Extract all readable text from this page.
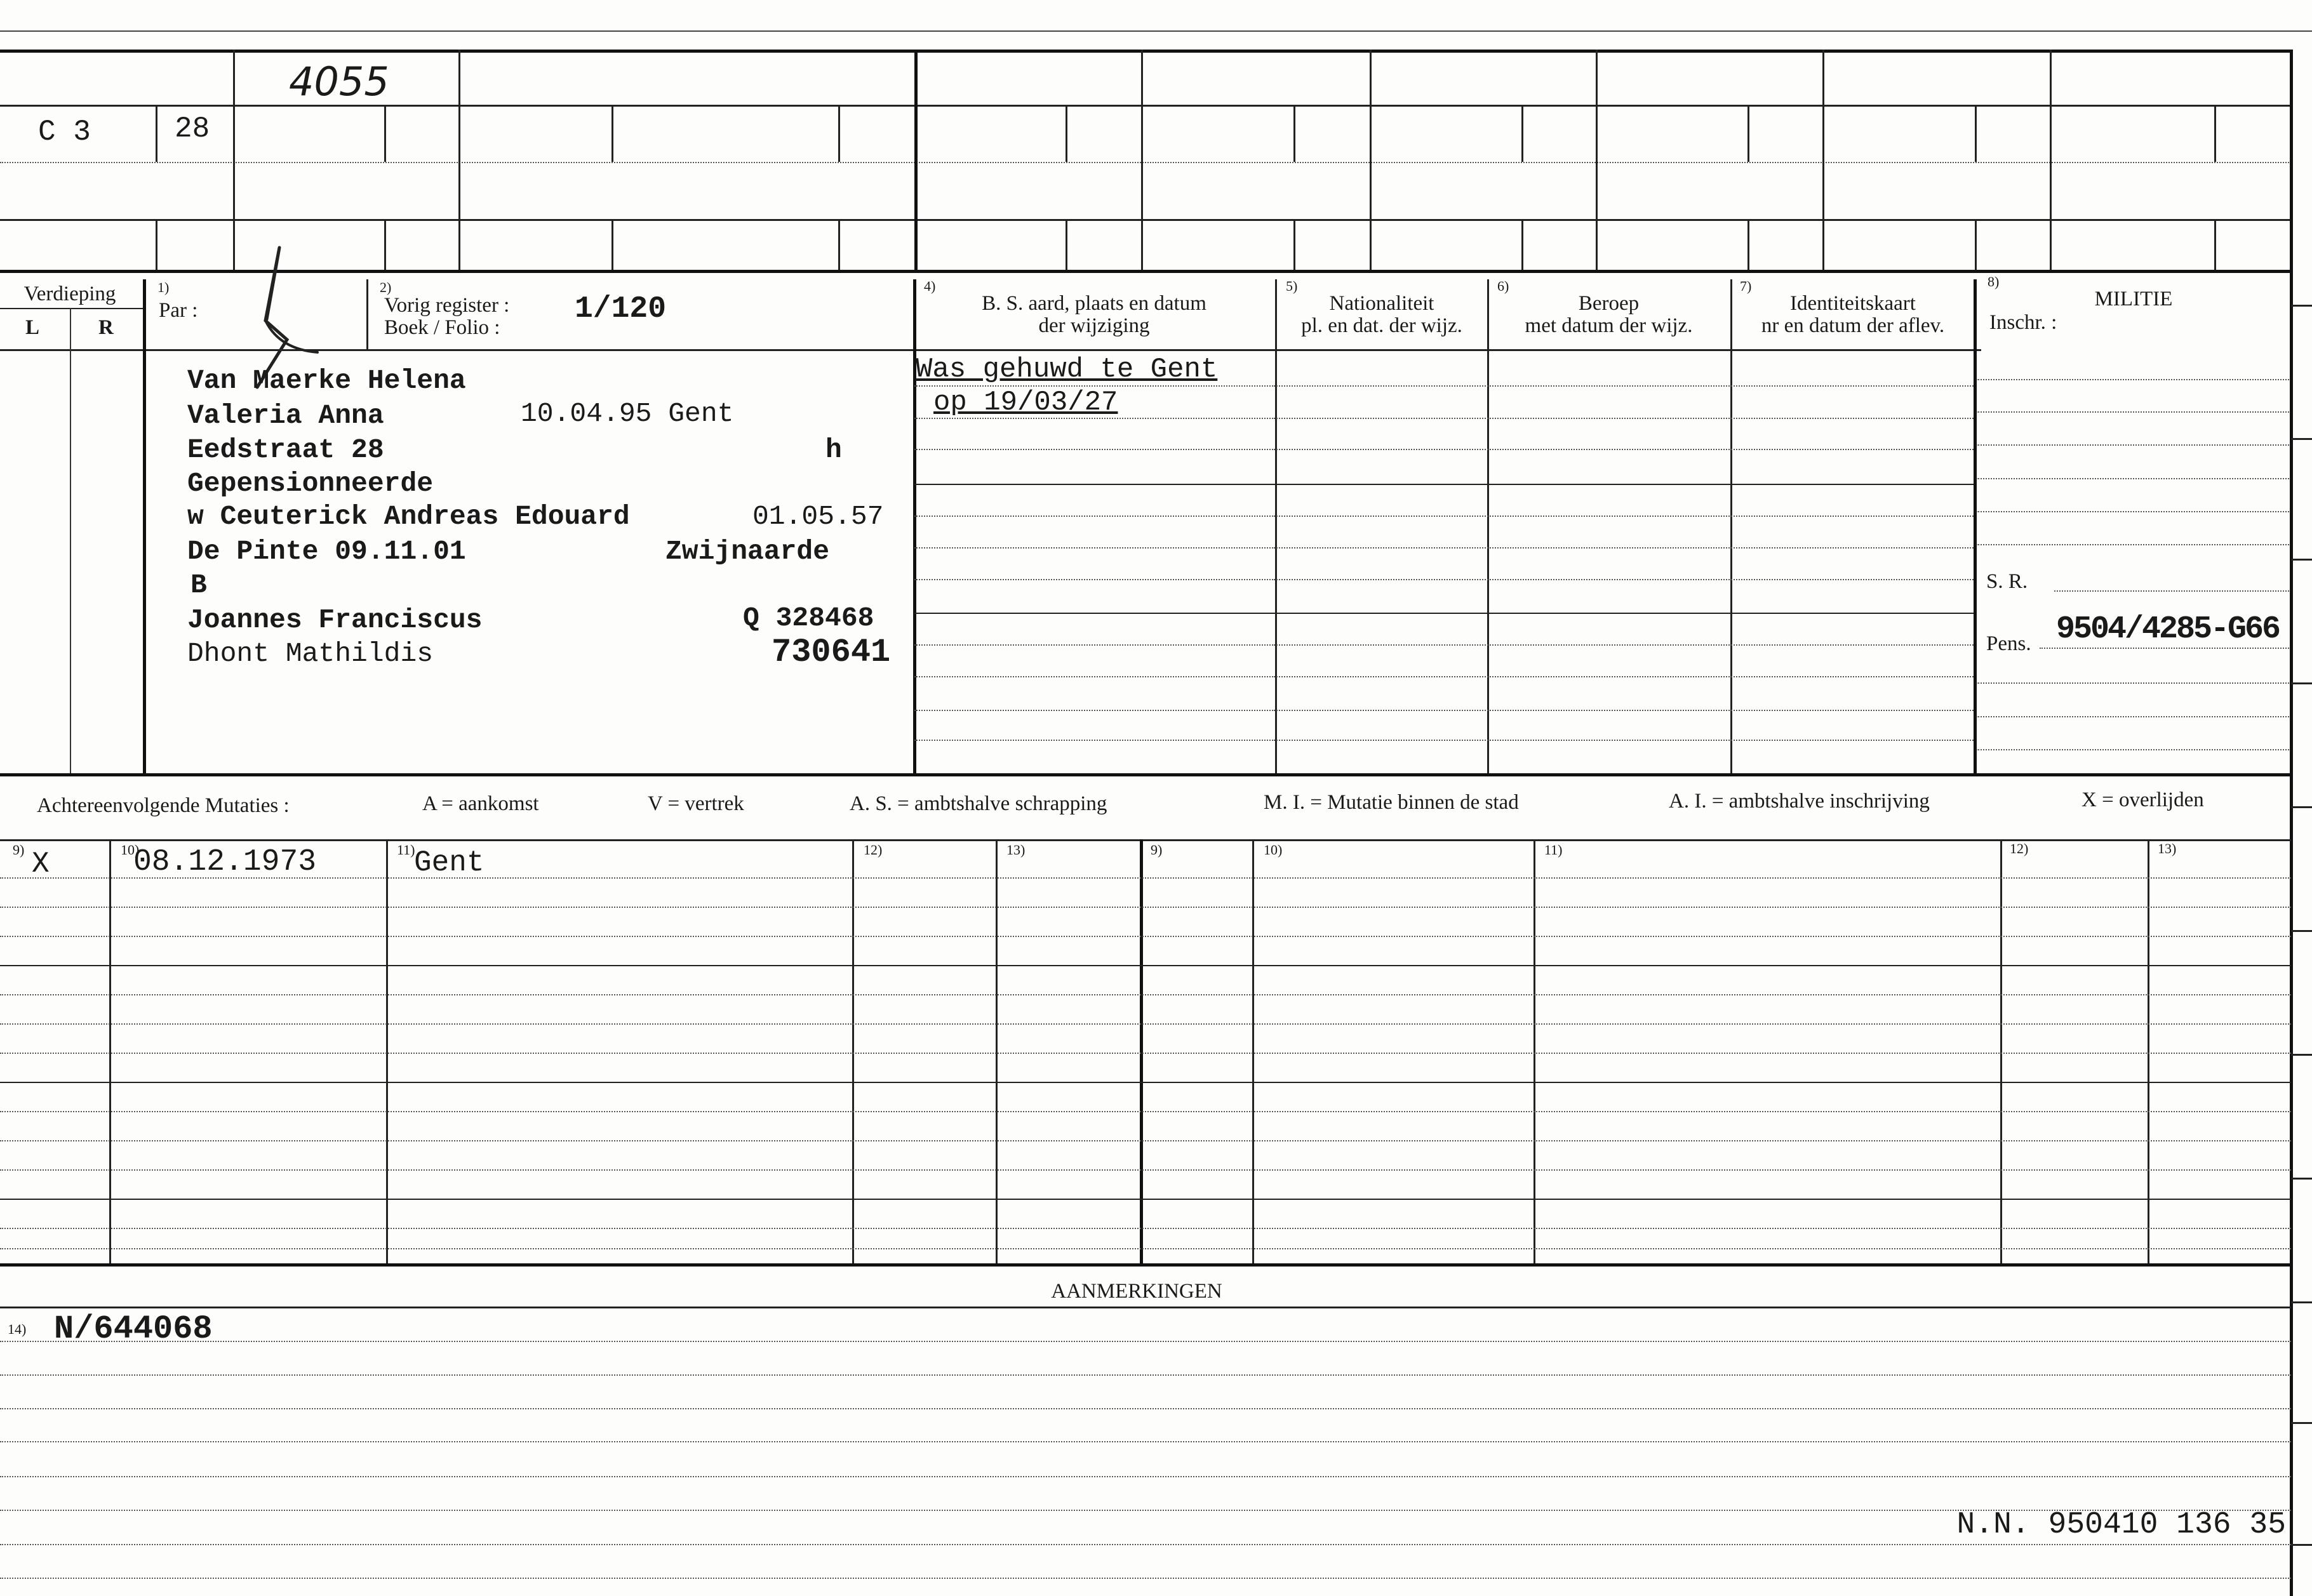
C 3	28
4055
Verdieping
L	R
1)
Par :
2)
Vorig register :
Boek / Folio :
1/120
4)
B. S. aard, plaats en datum
der wijziging
5)
Nationaliteit
pl. en dat. der wijz.
6)
Beroep
met datum der wijz.
7)
Identiteitskaart
nr en datum der aflev.
8)
MILITIE
Inschr. :
Van Maerke Helena
Valeria Anna	10.04.95 Gent
Eedstraat 28	h
Gepensionneerde
w Ceuterick Andreas Edouard	01.05.57
De Pinte 09.11.01	Zwijnaarde
B
Joannes Franciscus	Q 328468
Dhont Mathildis	730641
Was gehuwd te Gent
op 19/03/27
S. R.
Pens. 9504/4285-G66
Achtereenvolgende Mutaties :	A = aankomst	V = vertrek	A. S. = ambtshalve schrapping	M. I. = Mutatie binnen de stad	A. I. = ambtshalve inschrijving	X = overlijden
9)	10)	11)	12)	13)	9)	10)	11)	12)	13)
X	08.12.1973	Gent
AANMERKINGEN
14) N/644068
N.N. 950410 136 35
